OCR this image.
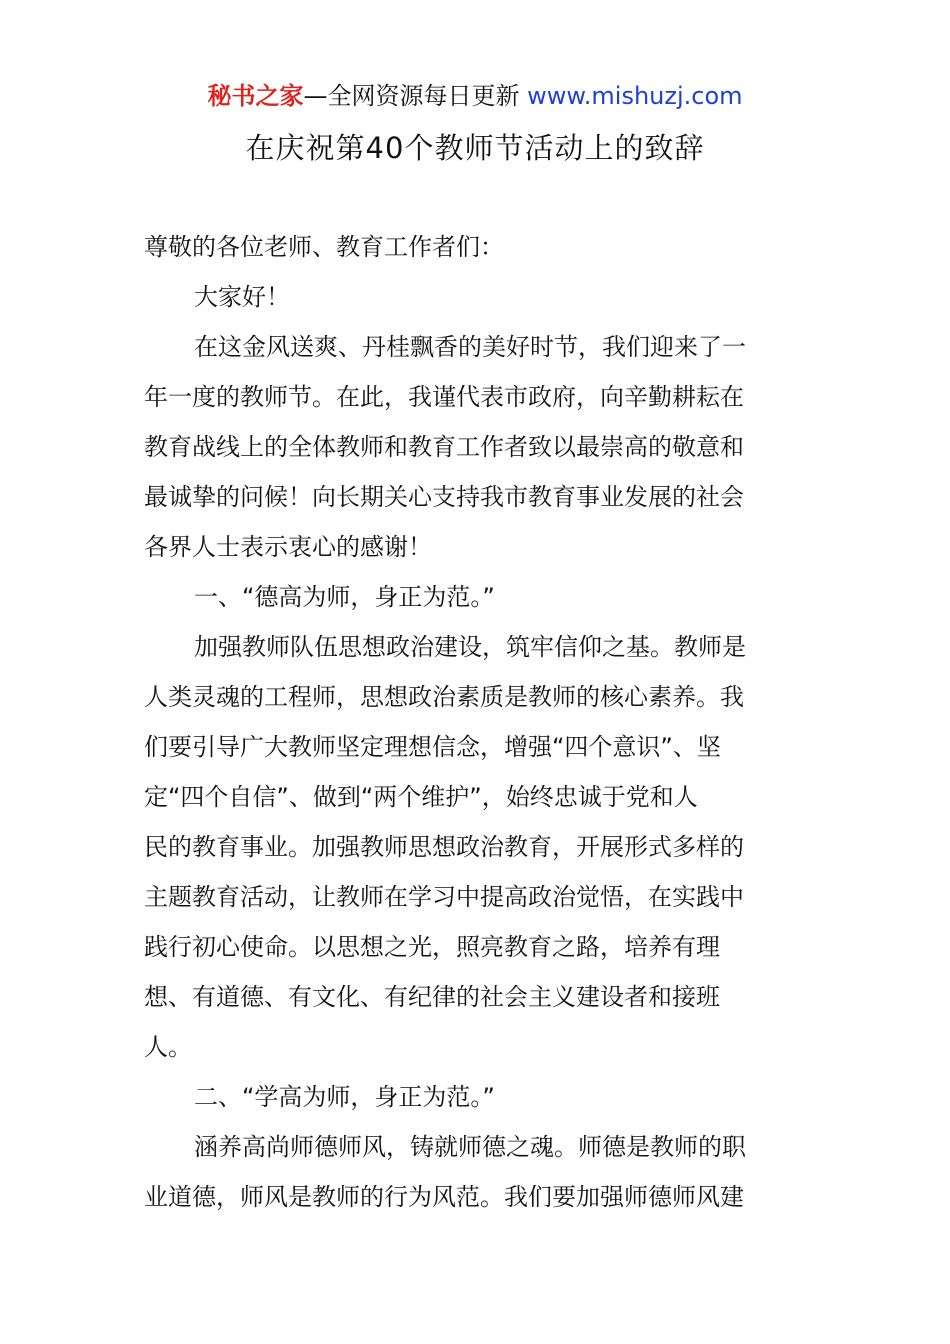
秘书之家—全网资源每日更新 www.mishuzj.com
在庆祝第40个教师节活动上的致辞
尊敬的各位老师、教育工作者们：
大家好！
在这金风送爽、丹桂飘香的美好时节，我们迎来了一
年一度的教师节。在此，我谨代表市政府，向辛勤耕耘在
教育战线上的全体教师和教育工作者致以最崇高的敬意和
最诚挚的问候！向长期关心支持我市教育事业发展的社会
各界人士表示衷心的感谢！
一、“德高为师，身正为范。”
加强教师队伍思想政治建设，筑牢信仰之基。教师是
人类灵魂的工程师，思想政治素质是教师的核心素养。我
们要引导广大教师坚定理想信念，增强“四个意识”、坚
定“四个自信”、做到“两个维护”，始终忠诚于党和人
民的教育事业。加强教师思想政治教育，开展形式多样的
主题教育活动，让教师在学习中提高政治觉悟，在实践中
践行初心使命。以思想之光，照亮教育之路，培养有理
想、有道德、有文化、有纪律的社会主义建设者和接班
人。
二、“学高为师，身正为范。”
涵养高尚师德师风，铸就师德之魂。师德是教师的职
业道德，师风是教师的行为风范。我们要加强师德师风建
